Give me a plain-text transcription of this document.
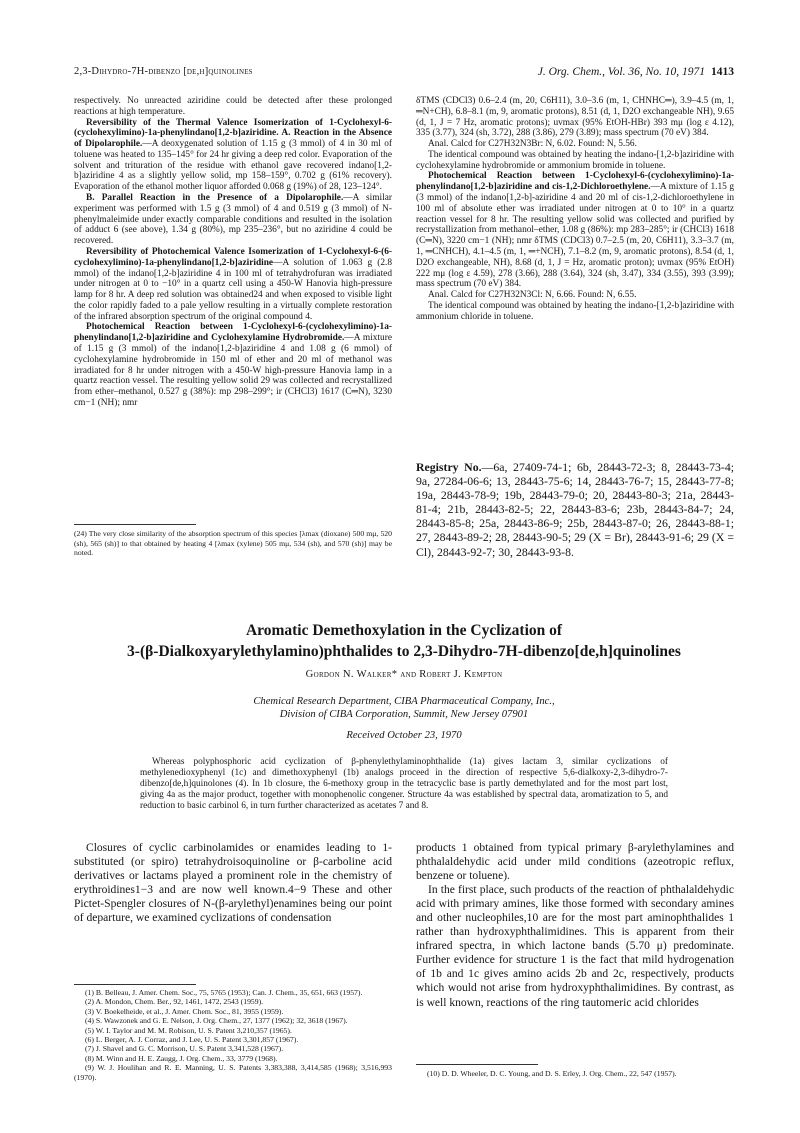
2,3-Dihydro-7H-dibenzo [de,h]quinolines	J. Org. Chem., Vol. 36, No. 10, 1971 1413

respectively. No unreacted aziridine could be detected after these prolonged reactions at high temperature.

Reversibility of the Thermal Valence Isomerization of 1-Cyclohexyl-6-(cyclohexylimino)-1a-phenylindano[1,2-b]aziridine. A. Reaction in the Absence of Dipolarophile.—A deoxygenated solution of 1.15 g (3 mmol) of 4 in 30 ml of toluene was heated to 135–145° for 24 hr giving a deep red color. Evaporation of the solvent and trituration of the residue with ethanol gave recovered indano[1,2-b]aziridine 4 as a slightly yellow solid, mp 158–159°, 0.702 g (61% recovery). Evaporation of the ethanol mother liquor afforded 0.068 g (19%) of 28, 123–124°.

B. Parallel Reaction in the Presence of a Dipolarophile.—A similar experiment was performed with 1.5 g (3 mmol) of 4 and 0.519 g (3 mmol) of N-phenylmaleimide under exactly comparable conditions and resulted in the isolation of adduct 6 (see above), 1.34 g (80%), mp 235–236°, but no aziridine 4 could be recovered.

Reversibility of Photochemical Valence Isomerization of 1-Cyclohexyl-6-(6-cyclohexylimino)-1a-phenylindano[1,2-b]aziridine—A solution of 1.063 g (2.8 mmol) of the indano[1,2-b]aziridine 4 in 100 ml of tetrahydrofuran was irradiated under nitrogen at 0 to −10° in a quartz cell using a 450-W Hanovia high-pressure lamp for 8 hr. A deep red solution was obtained24 and when exposed to visible light the color rapidly faded to a pale yellow resulting in a virtually complete restoration of the infrared absorption spectrum of the original compound 4.

Photochemical Reaction between 1-Cyclohexyl-6-(cyclohexylimino)-1a-phenylindano[1,2-b]aziridine and Cyclohexylamine Hydrobromide.—A mixture of 1.15 g (3 mmol) of the indano[1,2-b]aziridine 4 and 1.08 g (6 mmol) of cyclohexylamine hydrobromide in 150 ml of ether and 20 ml of methanol was irradiated for 8 hr under nitrogen with a 450-W high-pressure Hanovia lamp in a quartz reaction vessel. The resulting yellow solid 29 was collected and recrystallized from ether–methanol, 0.527 g (38%): mp 298–299°; ir (CHCl3) 1617 (C═N), 3230 cm−1 (NH); nmr

(24) The very close similarity of the absorption spectrum of this species [λmax (dioxane) 500 mμ, 520 (sh), 565 (sh)] to that obtained by heating 4 [λmax (xylene) 505 mμ, 534 (sh), and 570 (sh)] may be noted.

δTMS (CDCl3) 0.6–2.4 (m, 20, C6H11), 3.0–3.6 (m, 1, CHNHC═), 3.9–4.5 (m, 1, ═N+CH), 6.8–8.1 (m, 9, aromatic protons), 8.51 (d, 1, D2O exchangeable NH), 9.65 (d, 1, J = 7 Hz, aromatic protons); uvmax (95% EtOH-HBr) 393 mμ (log ε 4.12), 335 (3.77), 324 (sh, 3.72), 288 (3.86), 279 (3.89); mass spectrum (70 eV) 384.

Anal. Calcd for C27H32N3Br: N, 6.02. Found: N, 5.56.

The identical compound was obtained by heating the indano-[1,2-b]aziridine with cyclohexylamine hydrobromide or ammonium bromide in toluene.

Photochemical Reaction between 1-Cyclohexyl-6-(cyclohexylimino)-1a-phenylindano[1,2-b]aziridine and cis-1,2-Dichloroethylene.—A mixture of 1.15 g (3 mmol) of the indano[1,2-b]-aziridine 4 and 20 ml of cis-1,2-dichloroethylene in 100 ml of absolute ether was irradiated under nitrogen at 0 to 10° in a quartz reaction vessel for 8 hr. The resulting yellow solid was collected and purified by recrystallization from methanol–ether, 1.08 g (86%): mp 283–285°; ir (CHCl3) 1618 (C═N), 3220 cm−1 (NH); nmr δTMS (CDCl3) 0.7–2.5 (m, 20, C6H11), 3.3–3.7 (m, 1, ═CNHCH), 4.1–4.5 (m, 1, ═+NCH), 7.1–8.2 (m, 9, aromatic protons), 8.54 (d, 1, D2O exchangeable, NH), 8.68 (d, 1, J = Hz, aromatic proton); uvmax (95% EtOH) 222 mμ (log ε 4.59), 278 (3.66), 288 (3.64), 324 (sh, 3.47), 334 (3.55), 393 (3.99); mass spectrum (70 eV) 384.

Anal. Calcd for C27H32N3Cl: N, 6.66. Found: N, 6.55.

The identical compound was obtained by heating the indano-[1,2-b]aziridine with ammonium chloride in toluene.

Registry No.—6a, 27409-74-1; 6b, 28443-72-3; 8, 28443-73-4; 9a, 27284-06-6; 13, 28443-75-6; 14, 28443-76-7; 15, 28443-77-8; 19a, 28443-78-9; 19b, 28443-79-0; 20, 28443-80-3; 21a, 28443-81-4; 21b, 28443-82-5; 22, 28443-83-6; 23b, 28443-84-7; 24, 28443-85-8; 25a, 28443-86-9; 25b, 28443-87-0; 26, 28443-88-1; 27, 28443-89-2; 28, 28443-90-5; 29 (X = Br), 28443-91-6; 29 (X = Cl), 28443-92-7; 30, 28443-93-8.
Aromatic Demethoxylation in the Cyclization of
3-(β-Dialkoxyarylethylamino)phthalides to 2,3-Dihydro-7H-dibenzo[de,h]quinolines
Gordon N. Walker* and Robert J. Kempton
Chemical Research Department, CIBA Pharmaceutical Company, Inc.,
Division of CIBA Corporation, Summit, New Jersey 07901
Received October 23, 1970
Whereas polyphosphoric acid cyclization of β-phenylethylaminophthalide (1a) gives lactam 3, similar cyclizations of methylenedioxyphenyl (1c) and dimethoxyphenyl (1b) analogs proceed in the direction of respective 5,6-dialkoxy-2,3-dihydro-7-dibenzo[de,h]quinolones (4). In 1b closure, the 6-methoxy group in the tetracyclic base is partly demethylated and for the most part lost, giving 4a as the major product, together with monophenolic congener. Structure 4a was established by spectral data, aromatization to 5, and reduction to basic carbinol 6, in turn further characterized as acetates 7 and 8.

Closures of cyclic carbinolamides or enamides leading to 1-substituted (or spiro) tetrahydroisoquinoline or β-carboline acid derivatives or lactams played a prominent role in the chemistry of erythroidines1−3 and are now well known.4−9 These and other Pictet-Spengler closures of N-(β-arylethyl)enamines being our point of departure, we examined cyclizations of condensation

products 1 obtained from typical primary β-arylethylamines and phthalaldehydic acid under mild conditions (azeotropic reflux, benzene or toluene).

In the first place, such products of the reaction of phthalaldehydic acid with primary amines, like those formed with secondary amines and other nucleophiles,10 are for the most part aminophthalides 1 rather than hydroxyphthalimidines. This is apparent from their infrared spectra, in which lactone bands (5.70 μ) predominate. Further evidence for structure 1 is the fact that mild hydrogenation of 1b and 1c gives amino acids 2b and 2c, respectively, products which would not arise from hydroxyphthalimidines. By contrast, as is well known, reactions of the ring tautomeric acid chlorides

(1) B. Belleau, J. Amer. Chem. Soc., 75, 5765 (1953); Can. J. Chem., 35, 651, 663 (1957).
(2) A. Mondon, Chem. Ber., 92, 1461, 1472, 2543 (1959).
(3) V. Boekelheide, et al., J. Amer. Chem. Soc., 81, 3955 (1959).
(4) S. Wawzonek and G. E. Nelson, J. Org. Chem., 27, 1377 (1962); 32, 3618 (1967).
(5) W. I. Taylor and M. M. Robison, U. S. Patent 3,210,357 (1965).
(6) L. Berger, A. J. Corraz, and J. Lee, U. S. Patent 3,301,857 (1967).
(7) J. Shavel and G. C. Morrison, U. S. Patent 3,341,528 (1967).
(8) M. Winn and H. E. Zaugg, J. Org. Chem., 33, 3779 (1968).
(9) W. J. Houlihan and R. E. Manning, U. S. Patents 3,383,388, 3,414,585 (1968); 3,516,993 (1970).	(10) D. D. Wheeler, D. C. Young, and D. S. Erley, J. Org. Chem., 22, 547 (1957).
